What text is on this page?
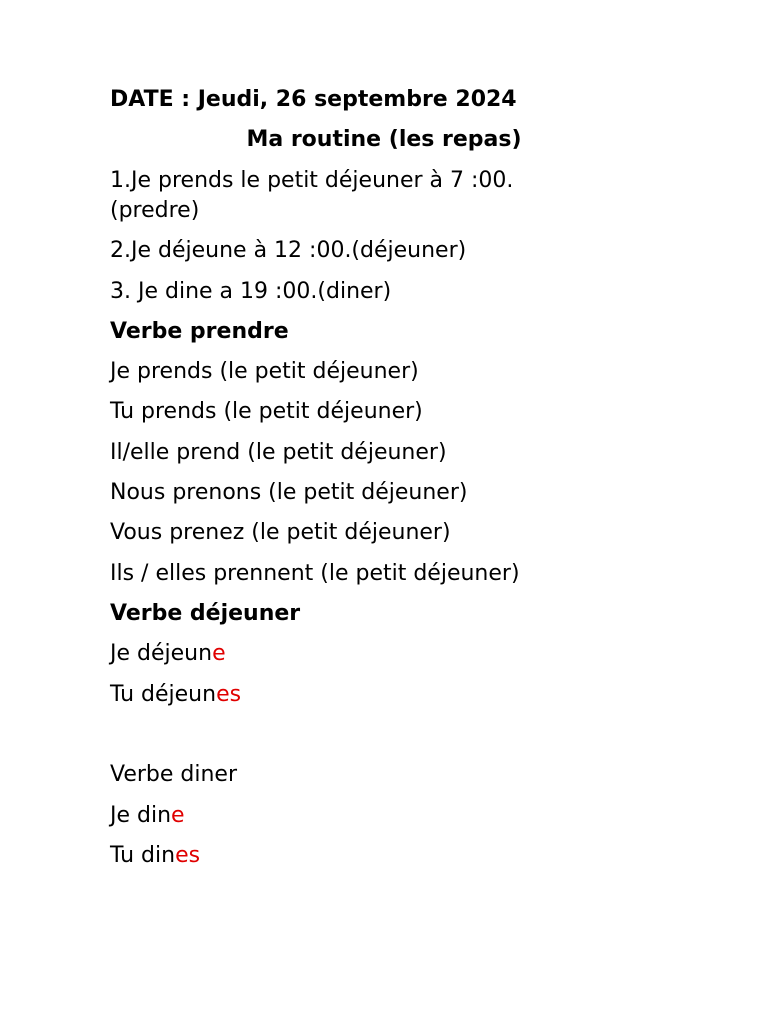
DATE : Jeudi, 26 septembre 2024
Ma routine (les repas)
1.Je prends le petit déjeuner à 7 :00.
(predre)
2.Je déjeune à 12 :00.(déjeuner)
3. Je dine a 19 :00.(diner)
Verbe prendre
Je prends (le petit déjeuner)
Tu prends (le petit déjeuner)
Il/elle prend (le petit déjeuner)
Nous prenons (le petit déjeuner)
Vous prenez (le petit déjeuner)
Ils / elles prennent (le petit déjeuner)
Verbe déjeuner
Je déjeune
Tu déjeunes
Verbe diner
Je dine
Tu dines
